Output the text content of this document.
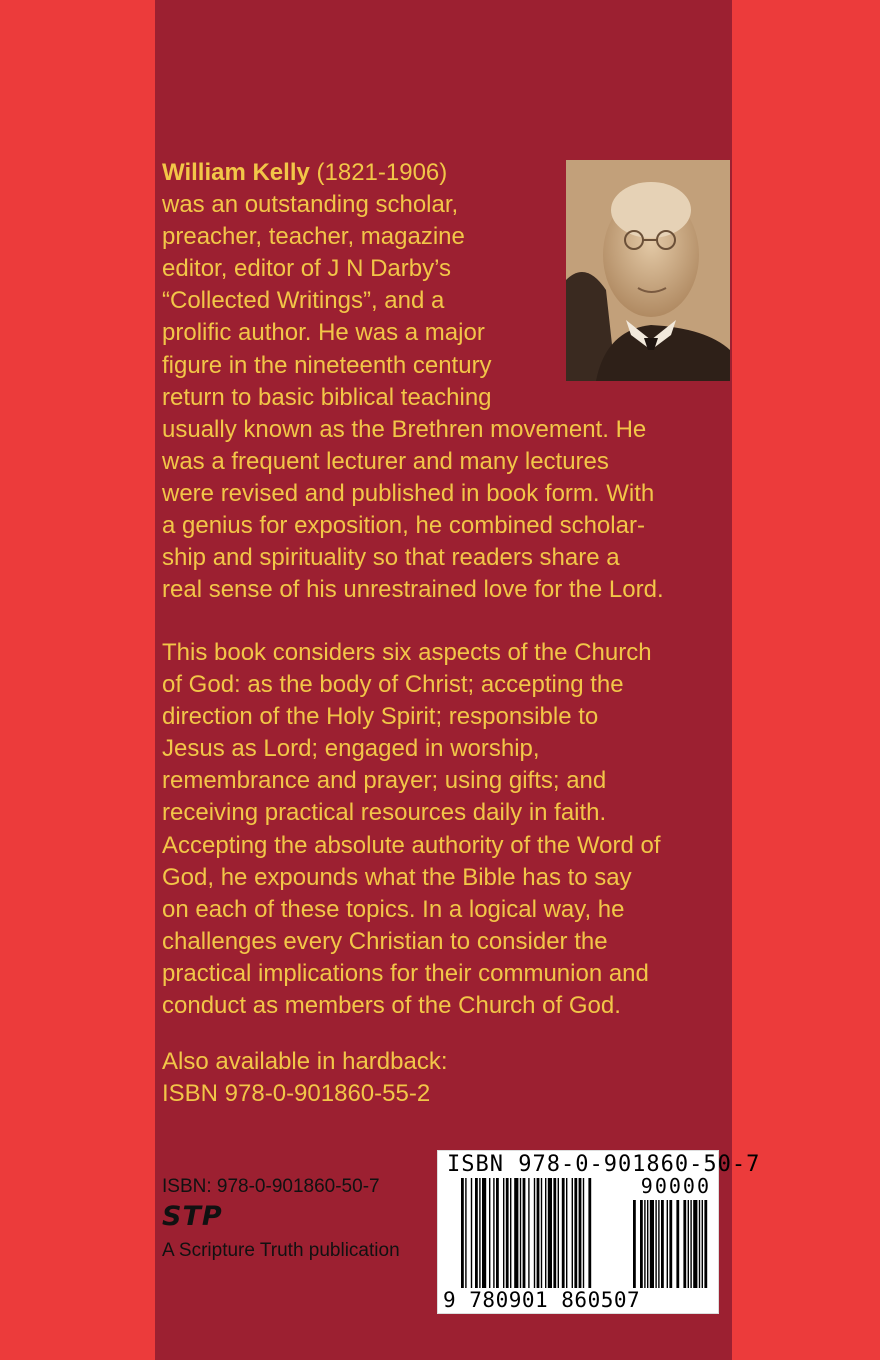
William Kelly (1821-1906)
was an outstanding scholar,
preacher, teacher, magazine
editor, editor of J N Darby’s
“Collected Writings”, and a
prolific author. He was a major
figure in the nineteenth century
return to basic biblical teaching
usually known as the Brethren movement. He
was a frequent lecturer and many lectures
were revised and published in book form. With
a genius for exposition, he combined scholar-
ship and spirituality so that readers share a
real sense of his unrestrained love for the Lord.
This book considers six aspects of the Church
of God: as the body of Christ; accepting the
direction of the Holy Spirit; responsible to
Jesus as Lord; engaged in worship,
remembrance and prayer; using gifts; and
receiving practical resources daily in faith.
Accepting the absolute authority of the Word of
God, he expounds what the Bible has to say
on each of these topics. In a logical way, he
challenges every Christian to consider the
practical implications for their communion and
conduct as members of the Church of God.
Also available in hardback:
ISBN 978-0-901860-55-2
ISBN: 978-0-901860-50-7
STP
A Scripture Truth publication
ISBN 978-0-901860-50-7
90000
9 780901 860507
